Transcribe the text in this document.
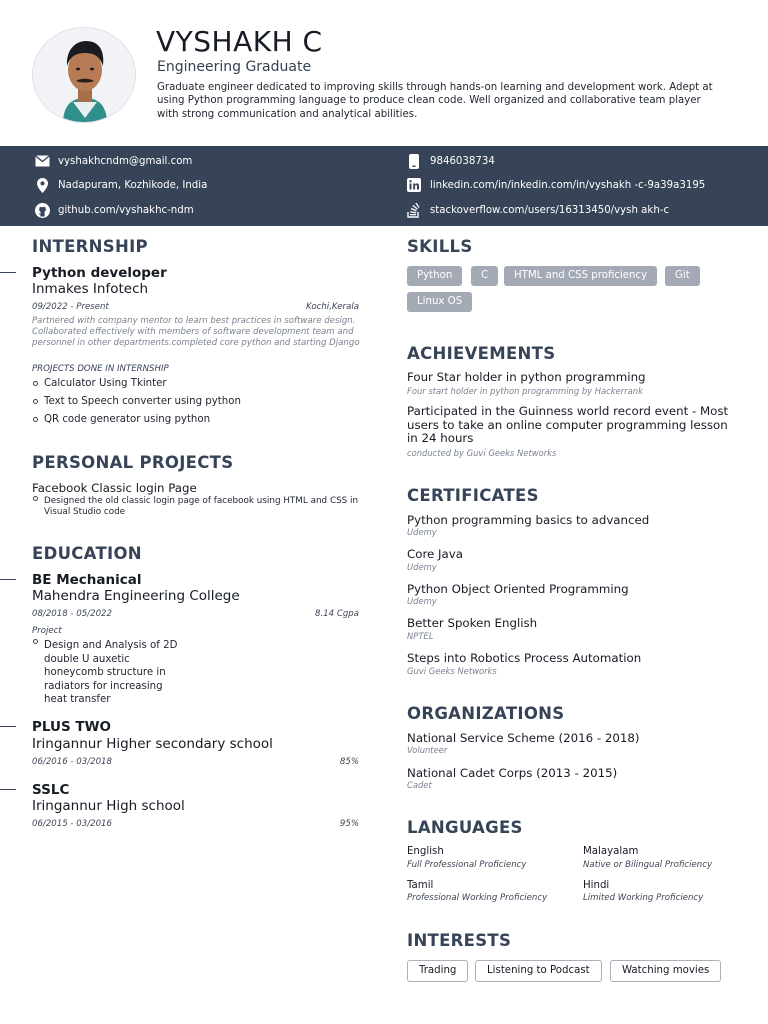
VYSHAKH C
Engineering Graduate
Graduate engineer dedicated to improving skills through hands-on learning and development work. Adept at using Python programming language to produce clean code. Well organized and collaborative team player with strong communication and analytical abilities.
vyshakhcndm@gmail.com	9846038734
Nadapuram, Kozhikode, India	linkedin.com/in/inkedin.com/in/vyshakh -c-9a39a3195
github.com/vyshakhc-ndm	stackoverflow.com/users/16313450/vysh akh-c
INTERNSHIP
Python developer
Inmakes Infotech
09/2022 - Present	Kochi,Kerala
Partnered with company mentor to learn best practices in software design. Collaborated effectively with members of software development team and personnel in other departments.completed core python and starting Django
PROJECTS DONE IN INTERNSHIP
Calculator Using Tkinter
Text to Speech converter using python
QR code generator using python
PERSONAL PROJECTS
Facebook Classic login Page
Designed the old classic login page of facebook using HTML and CSS in Visual Studio code
EDUCATION
BE Mechanical
Mahendra Engineering College
08/2018 - 05/2022	8.14 Cgpa
Project
Design and Analysis of 2D double U auxetic honeycomb structure in radiators for increasing heat transfer
PLUS TWO
Iringannur Higher secondary school
06/2016 - 03/2018	85%
SSLC
Iringannur High school
06/2015 - 03/2016	95%
SKILLS
Python	C	HTML and CSS proficiency	Git
Linux OS
ACHIEVEMENTS
Four Star holder in python programming
Four start holder in python programming by Hackerrank
Participated in the Guinness world record event - Most users to take an online computer programming lesson in 24 hours
conducted by Guvi Geeks Networks
CERTIFICATES
Python programming basics to advanced
Udemy
Core Java
Udemy
Python Object Oriented Programming
Udemy
Better Spoken English
NPTEL
Steps into Robotics Process Automation
Guvi Geeks Networks
ORGANIZATIONS
National Service Scheme (2016 - 2018)
Volunteer
National Cadet Corps (2013 - 2015)
Cadet
LANGUAGES
English
Full Professional Proficiency
Malayalam
Native or Bilingual Proficiency
Tamil
Professional Working Proficiency
Hindi
Limited Working Proficiency
INTERESTS
Trading	Listening to Podcast	Watching movies
